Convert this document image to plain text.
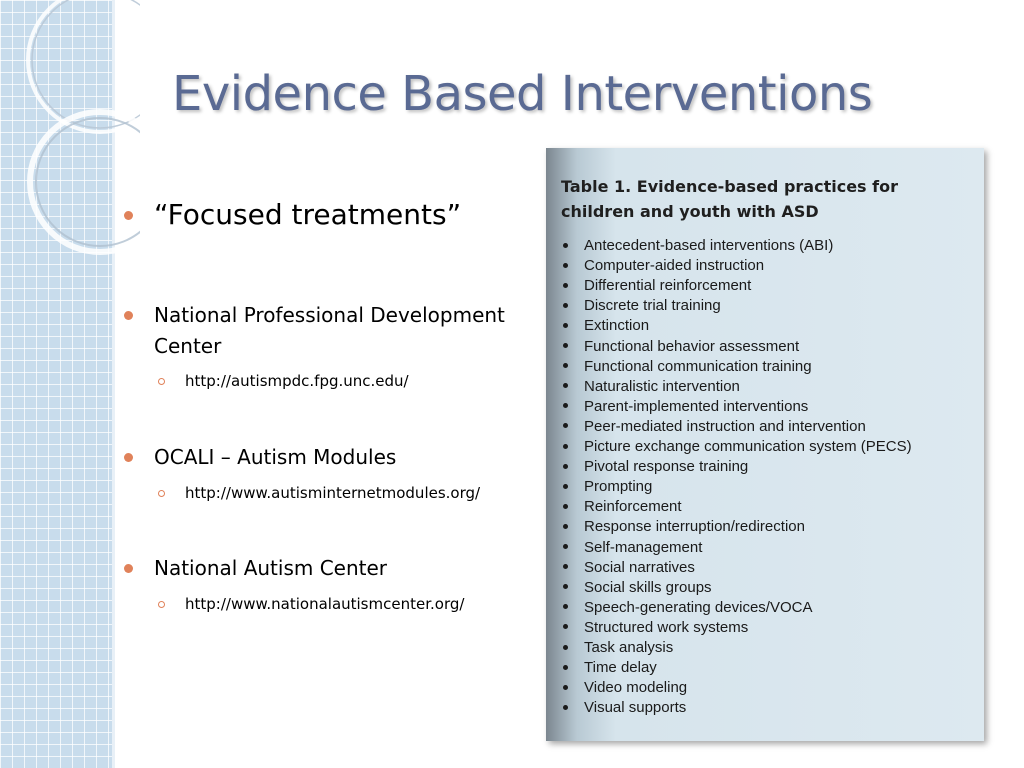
Evidence Based Interventions
“Focused treatments”
National Professional Development Center
http://autismpdc.fpg.unc.edu/
OCALI – Autism Modules
http://www.autisminternetmodules.org/
National Autism Center
http://www.nationalautismcenter.org/
Table 1. Evidence-based practices for children and youth with ASD
Antecedent-based interventions (ABI)
Computer-aided instruction
Differential reinforcement
Discrete trial training
Extinction
Functional behavior assessment
Functional communication training
Naturalistic intervention
Parent-implemented interventions
Peer-mediated instruction and intervention
Picture exchange communication system (PECS)
Pivotal response training
Prompting
Reinforcement
Response interruption/redirection
Self-management
Social narratives
Social skills groups
Speech-generating devices/VOCA
Structured work systems
Task analysis
Time delay
Video modeling
Visual supports
